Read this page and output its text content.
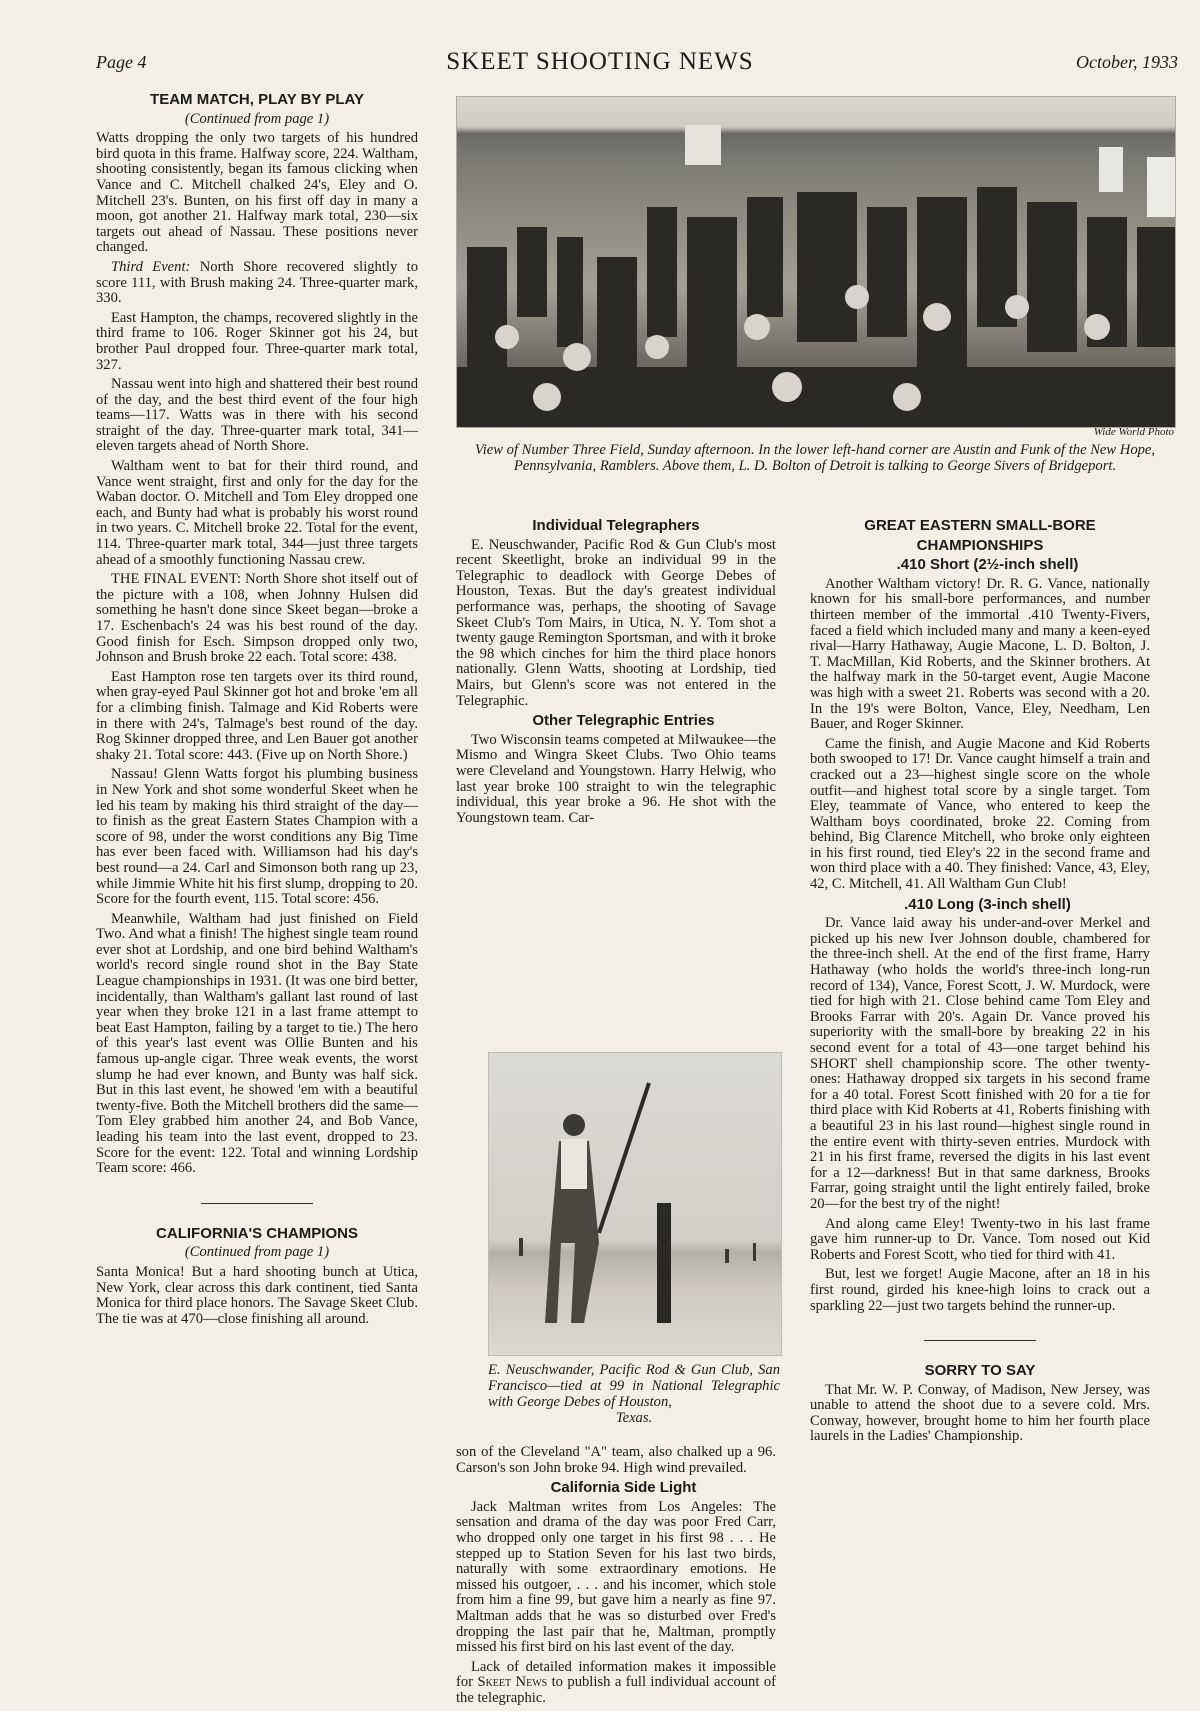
Page 4	SKEET SHOOTING NEWS	October, 1933

TEAM MATCH, PLAY BY PLAY

(Continued from page 1)

Watts dropping the only two targets of his hundred bird quota in this frame. Halfway score, 224. Waltham, shooting consistently, began its famous clicking when Vance and C. Mitchell chalked 24's, Eley and O. Mitchell 23's. Bunten, on his first off day in many a moon, got another 21. Halfway mark total, 230—six targets out ahead of Nassau. These positions never changed.

Third Event: North Shore recovered slightly to score 111, with Brush making 24. Three-quarter mark, 330.

East Hampton, the champs, recovered slightly in the third frame to 106. Roger Skinner got his 24, but brother Paul dropped four. Three-quarter mark total, 327.

Nassau went into high and shattered their best round of the day, and the best third event of the four high teams—117. Watts was in there with his second straight of the day. Three-quarter mark total, 341—eleven targets ahead of North Shore.

Waltham went to bat for their third round, and Vance went straight, first and only for the day for the Waban doctor. O. Mitchell and Tom Eley dropped one each, and Bunty had what is probably his worst round in two years. C. Mitchell broke 22. Total for the event, 114. Three-quarter mark total, 344—just three targets ahead of a smoothly functioning Nassau crew.

THE FINAL EVENT: North Shore shot itself out of the picture with a 108, when Johnny Hulsen did something he hasn't done since Skeet began—broke a 17. Eschenbach's 24 was his best round of the day. Good finish for Esch. Simpson dropped only two, Johnson and Brush broke 22 each. Total score: 438.

East Hampton rose ten targets over its third round, when gray-eyed Paul Skinner got hot and broke 'em all for a climbing finish. Talmage and Kid Roberts were in there with 24's, Talmage's best round of the day. Rog Skinner dropped three, and Len Bauer got another shaky 21. Total score: 443. (Five up on North Shore.)

Nassau! Glenn Watts forgot his plumbing business in New York and shot some wonderful Skeet when he led his team by making his third straight of the day—to finish as the great Eastern States Champion with a score of 98, under the worst conditions any Big Time has ever been faced with. Williamson had his day's best round—a 24. Carl and Simonson both rang up 23, while Jimmie White hit his first slump, dropping to 20. Score for the fourth event, 115. Total score: 456.

Meanwhile, Waltham had just finished on Field Two. And what a finish! The highest single team round ever shot at Lordship, and one bird behind Waltham's world's record single round shot in the Bay State League championships in 1931. (It was one bird better, incidentally, than Waltham's gallant last round of last year when they broke 121 in a last frame attempt to beat East Hampton, failing by a target to tie.) The hero of this year's last event was Ollie Bunten and his famous up-angle cigar. Three weak events, the worst slump he had ever known, and Bunty was half sick. But in this last event, he showed 'em with a beautiful twenty-five. Both the Mitchell brothers did the same—Tom Eley grabbed him another 24, and Bob Vance, leading his team into the last event, dropped to 23. Score for the event: 122. Total and winning Lordship Team score: 466.

CALIFORNIA'S CHAMPIONS

(Continued from page 1)

Santa Monica! But a hard shooting bunch at Utica, New York, clear across this dark continent, tied Santa Monica for third place honors. The Savage Skeet Club. The tie was at 470—close finishing all around.

Wide World Photo
View of Number Three Field, Sunday afternoon. In the lower left-hand corner are Austin and Funk of the New Hope, Pennsylvania, Ramblers. Above them, L. D. Bolton of Detroit is talking to George Sivers of Bridgeport.

Individual Telegraphers

E. Neuschwander, Pacific Rod & Gun Club's most recent Skeetlight, broke an individual 99 in the Telegraphic to deadlock with George Debes of Houston, Texas. But the day's greatest individual performance was, perhaps, the shooting of Savage Skeet Club's Tom Mairs, in Utica, N. Y. Tom shot a twenty gauge Remington Sportsman, and with it broke the 98 which cinches for him the third place honors nationally. Glenn Watts, shooting at Lordship, tied Mairs, but Glenn's score was not entered in the Telegraphic.

Other Telegraphic Entries

Two Wisconsin teams competed at Milwaukee—the Mismo and Wingra Skeet Clubs. Two Ohio teams were Cleveland and Youngstown. Harry Helwig, who last year broke 100 straight to win the telegraphic individual, this year broke a 96. He shot with the Youngstown team. Car-

E. Neuschwander, Pacific Rod & Gun Club, San Francisco—tied at 99 in National Telegraphic with George Debes of Houston,
Texas.

son of the Cleveland "A" team, also chalked up a 96. Carson's son John broke 94. High wind prevailed.

California Side Light

Jack Maltman writes from Los Angeles: The sensation and drama of the day was poor Fred Carr, who dropped only one target in his first 98 . . . He stepped up to Station Seven for his last two birds, naturally with some extraordinary emotions. He missed his outgoer, . . . and his incomer, which stole from him a fine 99, but gave him a nearly as fine 97. Maltman adds that he was so disturbed over Fred's dropping the last pair that he, Maltman, promptly missed his first bird on his last event of the day.

Lack of detailed information makes it impossible for Skeet News to publish a full individual account of the telegraphic.

GREAT EASTERN SMALL-BORE

CHAMPIONSHIPS

.410 Short (2½-inch shell)

Another Waltham victory! Dr. R. G. Vance, nationally known for his small-bore performances, and number thirteen member of the immortal .410 Twenty-Fivers, faced a field which included many and many a keen-eyed rival—Harry Hathaway, Augie Macone, L. D. Bolton, J. T. MacMillan, Kid Roberts, and the Skinner brothers. At the halfway mark in the 50-target event, Augie Macone was high with a sweet 21. Roberts was second with a 20. In the 19's were Bolton, Vance, Eley, Needham, Len Bauer, and Roger Skinner.

Came the finish, and Augie Macone and Kid Roberts both swooped to 17! Dr. Vance caught himself a train and cracked out a 23—highest single score on the whole outfit—and highest total score by a single target. Tom Eley, teammate of Vance, who entered to keep the Waltham boys coordinated, broke 22. Coming from behind, Big Clarence Mitchell, who broke only eighteen in his first round, tied Eley's 22 in the second frame and won third place with a 40. They finished: Vance, 43, Eley, 42, C. Mitchell, 41. All Waltham Gun Club!

.410 Long (3-inch shell)

Dr. Vance laid away his under-and-over Merkel and picked up his new Iver Johnson double, chambered for the three-inch shell. At the end of the first frame, Harry Hathaway (who holds the world's three-inch long-run record of 134), Vance, Forest Scott, J. W. Murdock, were tied for high with 21. Close behind came Tom Eley and Brooks Farrar with 20's. Again Dr. Vance proved his superiority with the small-bore by breaking 22 in his second event for a total of 43—one target behind his SHORT shell championship score. The other twenty-ones: Hathaway dropped six targets in his second frame for a 40 total. Forest Scott finished with 20 for a tie for third place with Kid Roberts at 41, Roberts finishing with a beautiful 23 in his last round—highest single round in the entire event with thirty-seven entries. Murdock with 21 in his first frame, reversed the digits in his last event for a 12—darkness! But in that same darkness, Brooks Farrar, going straight until the light entirely failed, broke 20—for the best try of the night!

And along came Eley! Twenty-two in his last frame gave him runner-up to Dr. Vance. Tom nosed out Kid Roberts and Forest Scott, who tied for third with 41.

But, lest we forget! Augie Macone, after an 18 in his first round, girded his knee-high loins to crack out a sparkling 22—just two targets behind the runner-up.

SORRY TO SAY

That Mr. W. P. Conway, of Madison, New Jersey, was unable to attend the shoot due to a severe cold. Mrs. Conway, however, brought home to him her fourth place laurels in the Ladies' Championship.
